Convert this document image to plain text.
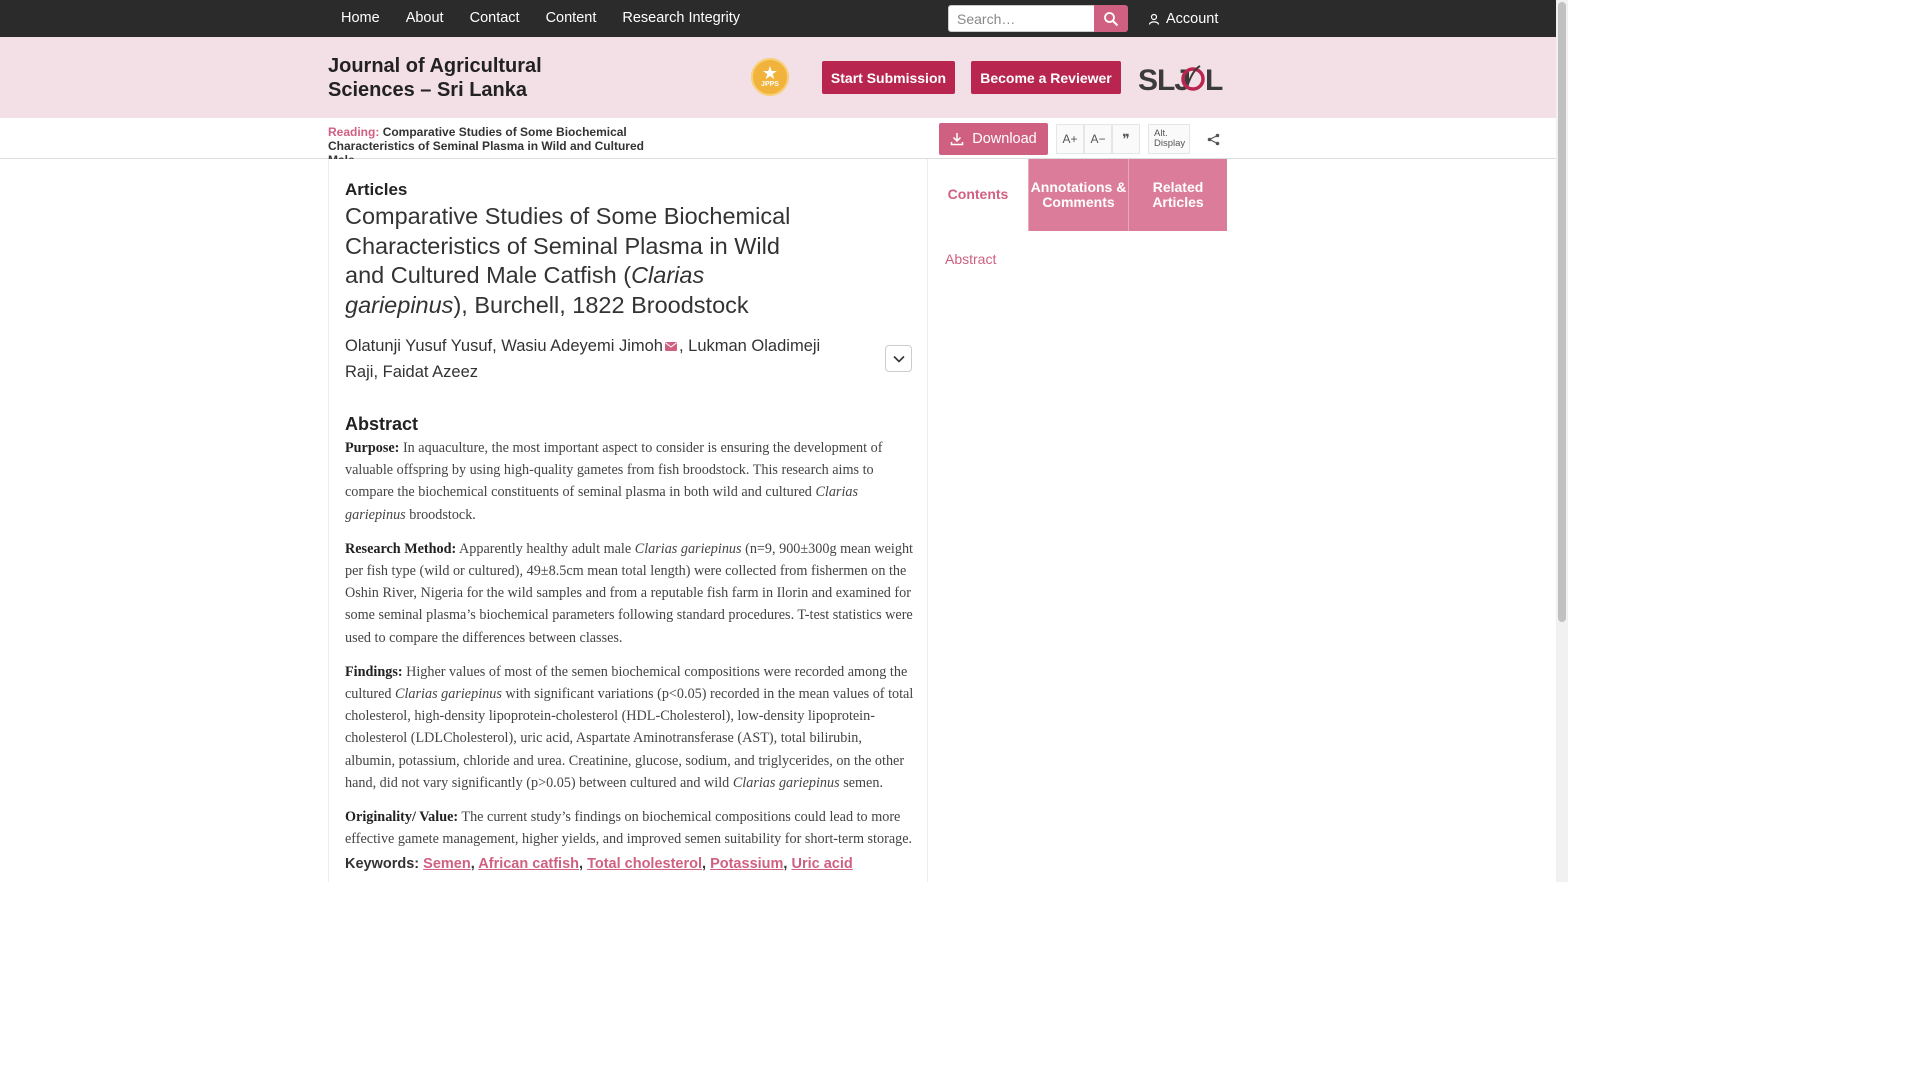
Home	About	Contact	Content	Research Integrity
Search…	Account
Journal of Agricultural Sciences – Sri Lanka
★
JPPS	Start Submission	Become a Reviewer SLJ L
Reading: Comparative Studies of Some Biochemical Characteristics of Seminal Plasma in Wild and Cultured	Download	A+	A−	❞	Alt.
Display
Articles
Comparative Studies of Some Biochemical Characteristics of Seminal Plasma in Wild and Cultured Male Catfish (Clarias gariepinus), Burchell, 1822 Broodstock
Olatunji Yusuf Yusuf, Wasiu Adeyemi Jimoh , Lukman Oladimeji Raji, Faidat Azeez
Abstract

Purpose: In aquaculture, the most important aspect to consider is ensuring the development of valuable offspring by using high-quality gametes from fish broodstock. This research aims to compare the biochemical constituents of seminal plasma in both wild and cultured Clarias gariepinus broodstock.

Research Method: Apparently healthy adult male Clarias gariepinus (n=9, 900±300g mean weight per fish type (wild or cultured), 49±8.5cm mean total length) were collected from fishermen on the Oshin River, Nigeria for the wild samples and from a reputable fish farm in Ilorin and examined for some seminal plasma’s biochemical parameters following standard procedures. T-test statistics were used to compare the differences between classes.

Findings: Higher values of most of the semen biochemical compositions were recorded among the cultured Clarias gariepinus with significant variations (p<0.05) recorded in the mean values of total cholesterol, high-density lipoprotein-cholesterol (HDL-Cholesterol), low-density lipoprotein-cholesterol (LDLCholesterol), uric acid, Aspartate Aminotransferase (AST), total bilirubin, albumin, potassium, chloride and urea. Creatinine, glucose, sodium, and triglycerides, on the other hand, did not vary significantly (p>0.05) between cultured and wild Clarias gariepinus semen.

Originality/ Value: The current study’s findings on biochemical compositions could lead to more effective gamete management, higher yields, and improved semen suitability for short-term storage.

Keywords: Semen, African catfish, Total cholesterol, Potassium, Uric acid
Contents	Annotations & Comments
Related Articles
Abstract
